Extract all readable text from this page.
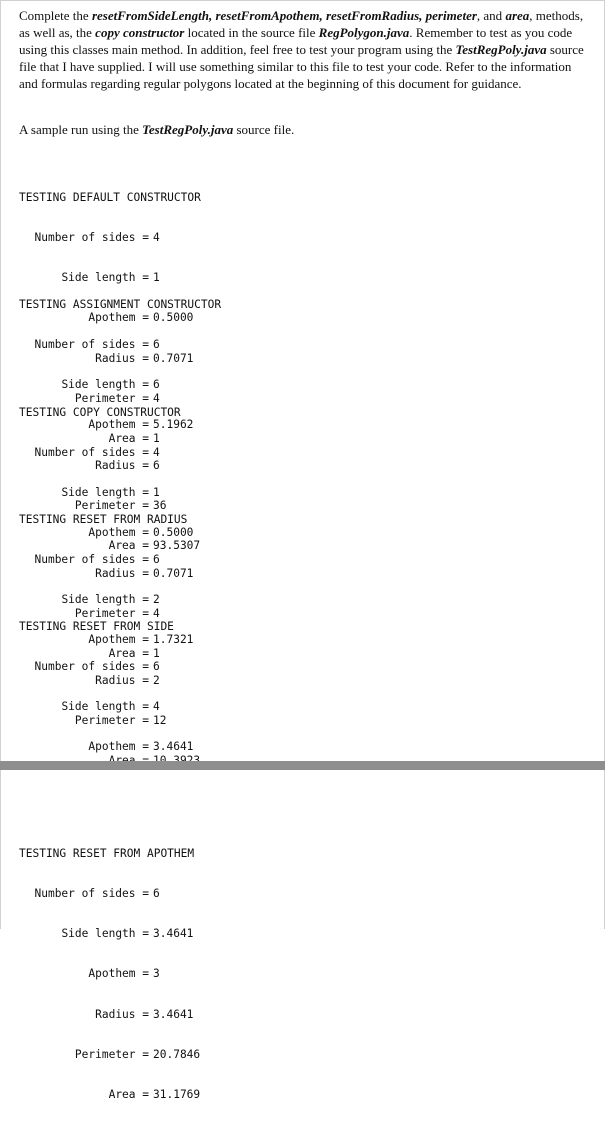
Complete the resetFromSideLength, resetFromApothem, resetFromRadius, perimeter, and area, methods, as well as, the copy constructor located in the source file RegPolygon.java. Remember to test as you code using this classes main method. In addition, feel free to test your program using the TestRegPoly.java source file that I have supplied. I will use something similar to this file to test your code. Refer to the information and formulas regarding regular polygons located at the beginning of this document for guidance.
A sample run using the TestRegPoly.java source file.

TESTING DEFAULT CONSTRUCTOR

Number of sides = 4

Side length = 1

Apothem = 0.5000

Radius = 0.7071

Perimeter = 4

Area = 1

TESTING ASSIGNMENT CONSTRUCTOR

Number of sides = 6

Side length = 6

Apothem = 5.1962

Radius = 6

Perimeter = 36

Area = 93.5307

TESTING COPY CONSTRUCTOR

Number of sides = 4

Side length = 1

Apothem = 0.5000

Radius = 0.7071

Perimeter = 4

Area = 1

TESTING RESET FROM RADIUS

Number of sides = 6

Side length = 2

Apothem = 1.7321

Radius = 2

Perimeter = 12

TESTING RESET FROM SIDE

Number of sides = 6

Side length = 4

Apothem = 3.4641

TESTING RESET FROM APOTHEM

Number of sides = 6

Side length = 3.4641

Apothem = 3

Radius = 3.4641

Perimeter = 20.7846

Area = 31.1769
